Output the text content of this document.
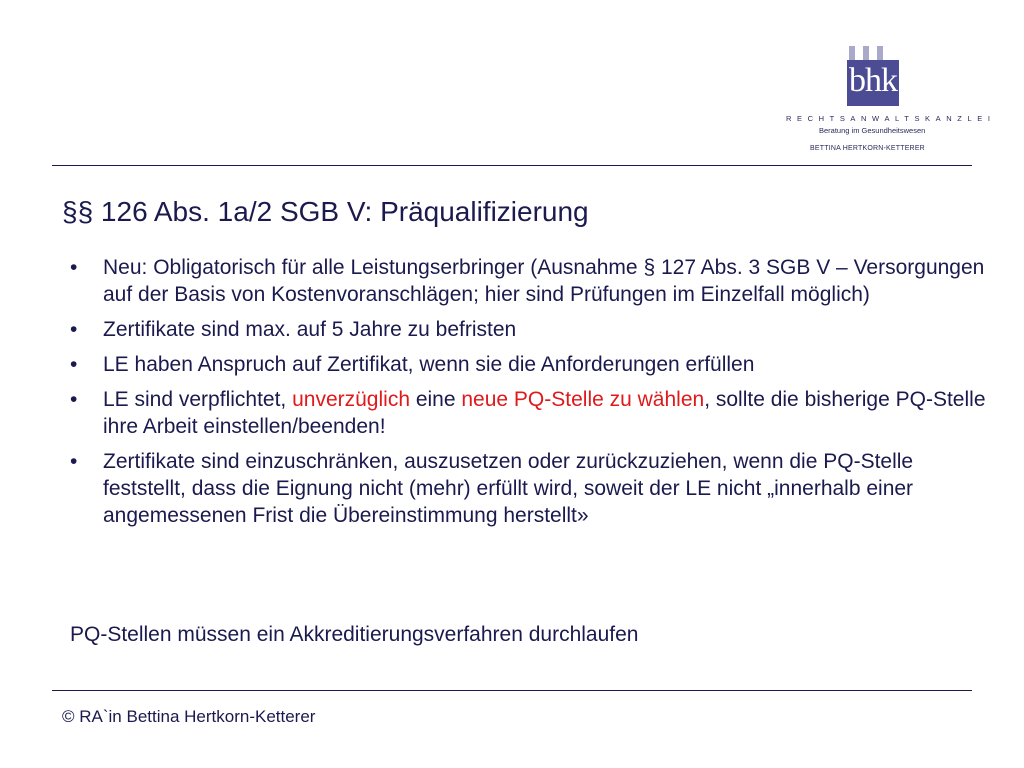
bhk
RECHTSANWALTSKANZLEI
Beratung im Gesundheitswesen
BETTINA HERTKORN-KETTERER
§§ 126 Abs. 1a/2 SGB V: Präqualifizierung
• Neu: Obligatorisch für alle Leistungserbringer (Ausnahme § 127 Abs. 3 SGB V – Versorgungen auf der Basis von Kostenvoranschlägen; hier sind Prüfungen im Einzelfall möglich)
• Zertifikate sind max. auf 5 Jahre zu befristen
• LE haben Anspruch auf Zertifikat, wenn sie die Anforderungen erfüllen
• LE sind verpflichtet, unverzüglich eine neue PQ-Stelle zu wählen, sollte die bisherige PQ-Stelle ihre Arbeit einstellen/beenden!
• Zertifikate sind einzuschränken, auszusetzen oder zurückzuziehen, wenn die PQ-Stelle feststellt, dass die Eignung nicht (mehr) erfüllt wird, soweit der LE nicht „innerhalb einer angemessenen Frist die Übereinstimmung herstellt»
PQ-Stellen müssen ein Akkreditierungsverfahren durchlaufen
© RA`in Bettina Hertkorn-Ketterer
